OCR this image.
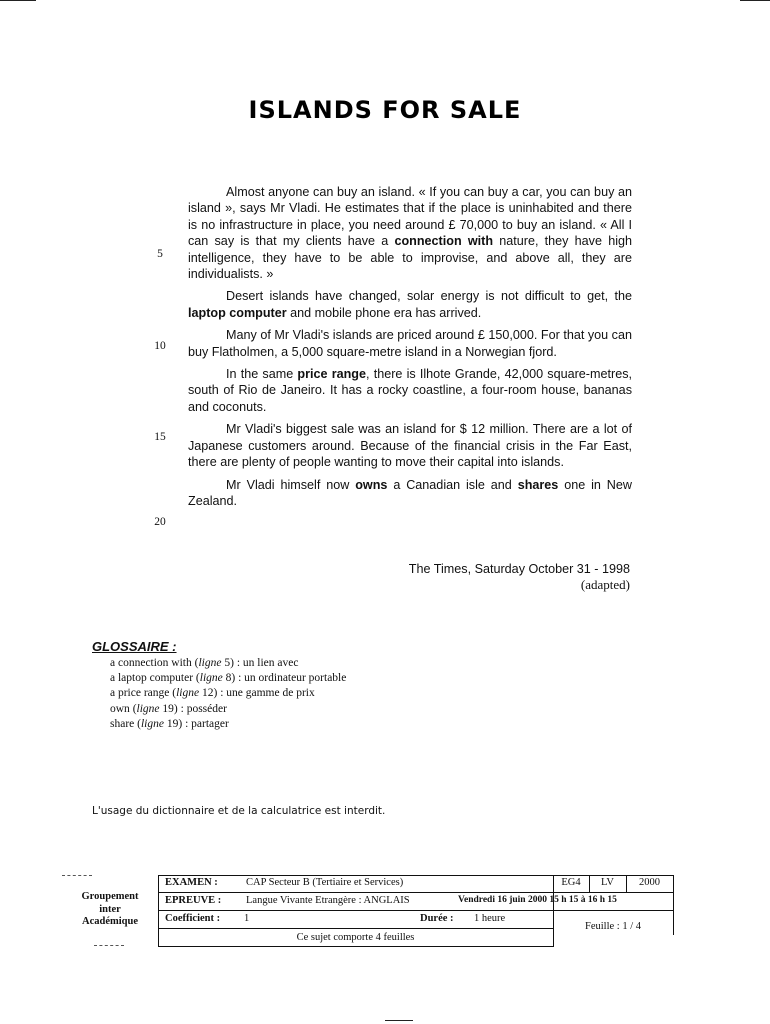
ISLANDS FOR SALE

Almost anyone can buy an island. « If you can buy a car, you can buy an island », says Mr Vladi. He estimates that if the place is uninhabited and there is no infrastructure in place, you need around £ 70,000 to buy an island. « All I can say is that my clients have a connection with nature, they have high intelligence, they have to be able to improvise, and above all, they are individualists. »

Desert islands have changed, solar energy is not difficult to get, the laptop computer and mobile phone era has arrived.

Many of Mr Vladi's islands are priced around £ 150,000. For that you can buy Flatholmen, a 5,000 square-metre island in a Norwegian fjord.

In the same price range, there is Ilhote Grande, 42,000 square-metres, south of Rio de Janeiro. It has a rocky coastline, a four-room house, bananas and coconuts.

Mr Vladi's biggest sale was an island for $ 12 million. There are a lot of Japanese customers around. Because of the financial crisis in the Far East, there are plenty of people wanting to move their capital into islands.

Mr Vladi himself now owns a Canadian isle and shares one in New Zealand.

5
10
15
20
The Times, Saturday October 31 - 1998
(adapted)
GLOSSAIRE :
a connection with (ligne 5) : un lien avec
a laptop computer (ligne 8) : un ordinateur portable
a price range (ligne 12) : une gamme de prix
own (ligne 19) : posséder
share (ligne 19) : partager
L'usage du dictionnaire et de la calculatrice est interdit.
Groupement
inter
Académique
EXAMEN :	CAP Secteur B (Tertiaire et Services)	EG4	LV	2000
EPREUVE : Langue Vivante Etrangère : ANGLAIS	Vendredi 16 juin 2000 15 h 15 à 16 h 15
Coefficient : 1	Durée : 1 heure
Feuille : 1 / 4
Ce sujet comporte 4 feuilles
